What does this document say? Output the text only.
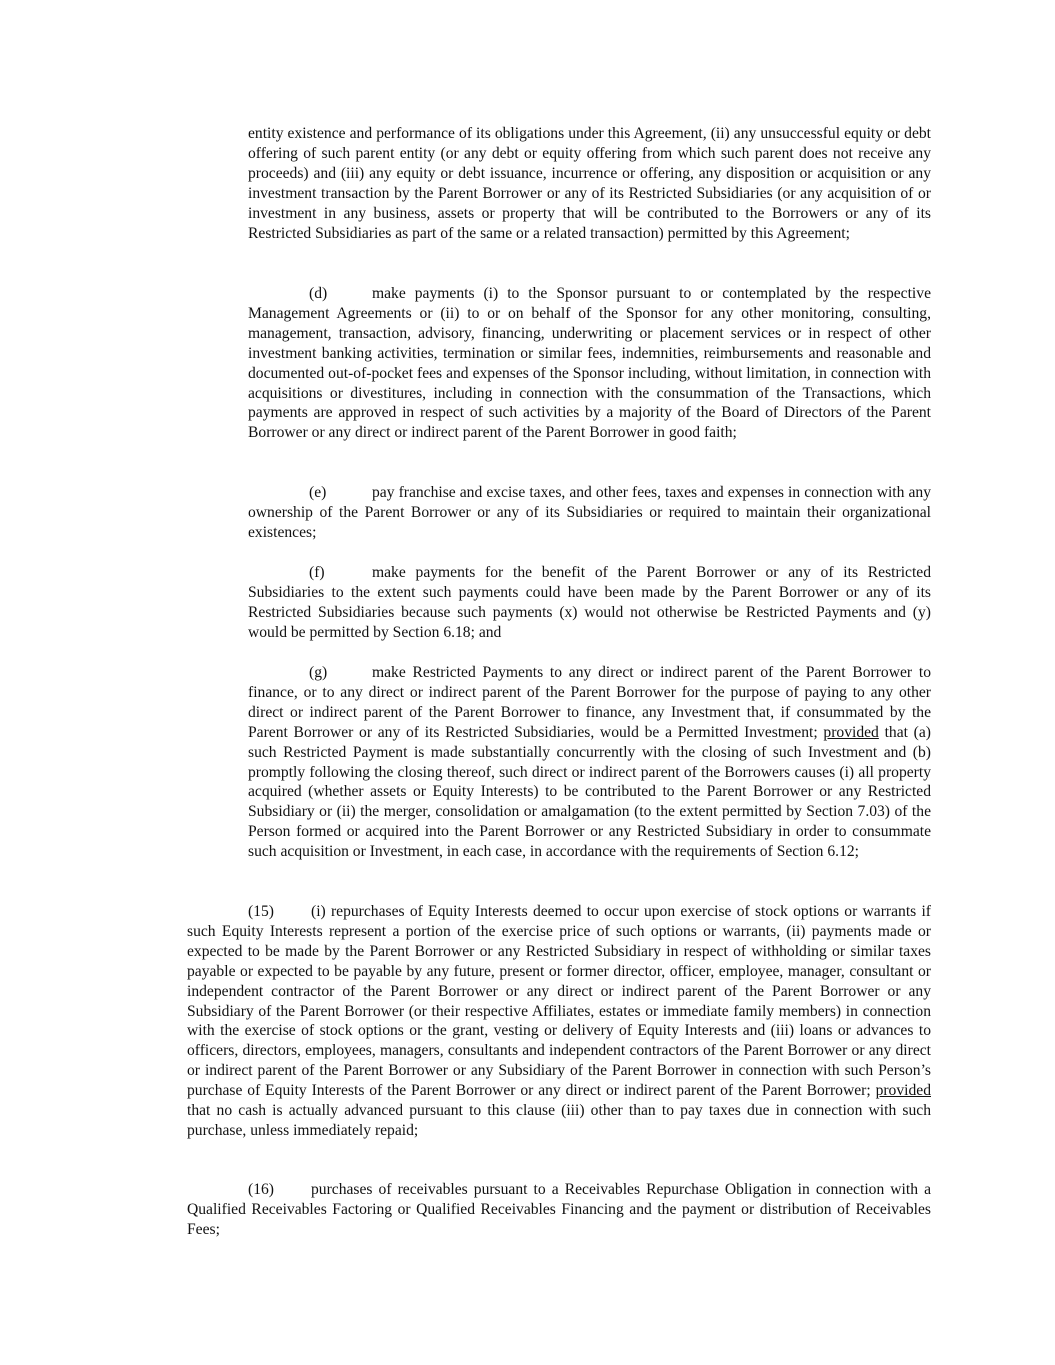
entity existence and performance of its obligations under this Agreement, (ii) any unsuccessful equity or debt offering of such parent entity (or any debt or equity offering from which such parent does not receive any proceeds) and (iii) any equity or debt issuance, incurrence or offering, any disposition or acquisition or any investment transaction by the Parent Borrower or any of its Restricted Subsidiaries (or any acquisition of or investment in any business, assets or property that will be contributed to the Borrowers or any of its Restricted Subsidiaries as part of the same or a related transaction) permitted by this Agreement;

(d)	make payments (i) to the Sponsor pursuant to or contemplated by the respective Management Agreements or (ii) to or on behalf of the Sponsor for any other monitoring, consulting, management, transaction, advisory, financing, underwriting or placement services or in respect of other investment banking activities, termination or similar fees, indemnities, reimbursements and reasonable and documented out-of-pocket fees and expenses of the Sponsor including, without limitation, in connection with acquisitions or divestitures, including in connection with the consummation of the Transactions, which payments are approved in respect of such activities by a majority of the Board of Directors of the Parent Borrower or any direct or indirect parent of the Parent Borrower in good faith;

(e)	pay franchise and excise taxes, and other fees, taxes and expenses in connection with any ownership of the Parent Borrower or any of its Subsidiaries or required to maintain their organizational existences;

(f)	make payments for the benefit of the Parent Borrower or any of its Restricted Subsidiaries to the extent such payments could have been made by the Parent Borrower or any of its Restricted Subsidiaries because such payments (x) would not otherwise be Restricted Payments and (y) would be permitted by Section 6.18; and

(g)	make Restricted Payments to any direct or indirect parent of the Parent Borrower to finance, or to any direct or indirect parent of the Parent Borrower for the purpose of paying to any other direct or indirect parent of the Parent Borrower to finance, any Investment that, if consummated by the Parent Borrower or any of its Restricted Subsidiaries, would be a Permitted Investment; provided that (a) such Restricted Payment is made substantially concurrently with the closing of such Investment and (b) promptly following the closing thereof, such direct or indirect parent of the Borrowers causes (i) all property acquired (whether assets or Equity Interests) to be contributed to the Parent Borrower or any Restricted Subsidiary or (ii) the merger, consolidation or amalgamation (to the extent permitted by Section 7.03) of the Person formed or acquired into the Parent Borrower or any Restricted Subsidiary in order to consummate such acquisition or Investment, in each case, in accordance with the requirements of Section 6.12;

(15) (i) repurchases of Equity Interests deemed to occur upon exercise of stock options or warrants if such Equity Interests represent a portion of the exercise price of such options or warrants, (ii) payments made or expected to be made by the Parent Borrower or any Restricted Subsidiary in respect of withholding or similar taxes payable or expected to be payable by any future, present or former director, officer, employee, manager, consultant or independent contractor of the Parent Borrower or any direct or indirect parent of the Parent Borrower or any Subsidiary of the Parent Borrower (or their respective Affiliates, estates or immediate family members) in connection with the exercise of stock options or the grant, vesting or delivery of Equity Interests and (iii) loans or advances to officers, directors, employees, managers, consultants and independent contractors of the Parent Borrower or any direct or indirect parent of the Parent Borrower or any Subsidiary of the Parent Borrower in connection with such Person’s purchase of Equity Interests of the Parent Borrower or any direct or indirect parent of the Parent Borrower; provided that no cash is actually advanced pursuant to this clause (iii) other than to pay taxes due in connection with such purchase, unless immediately repaid;

(16) purchases of receivables pursuant to a Receivables Repurchase Obligation in connection with a Qualified Receivables Factoring or Qualified Receivables Financing and the payment or distribution of Receivables Fees;
